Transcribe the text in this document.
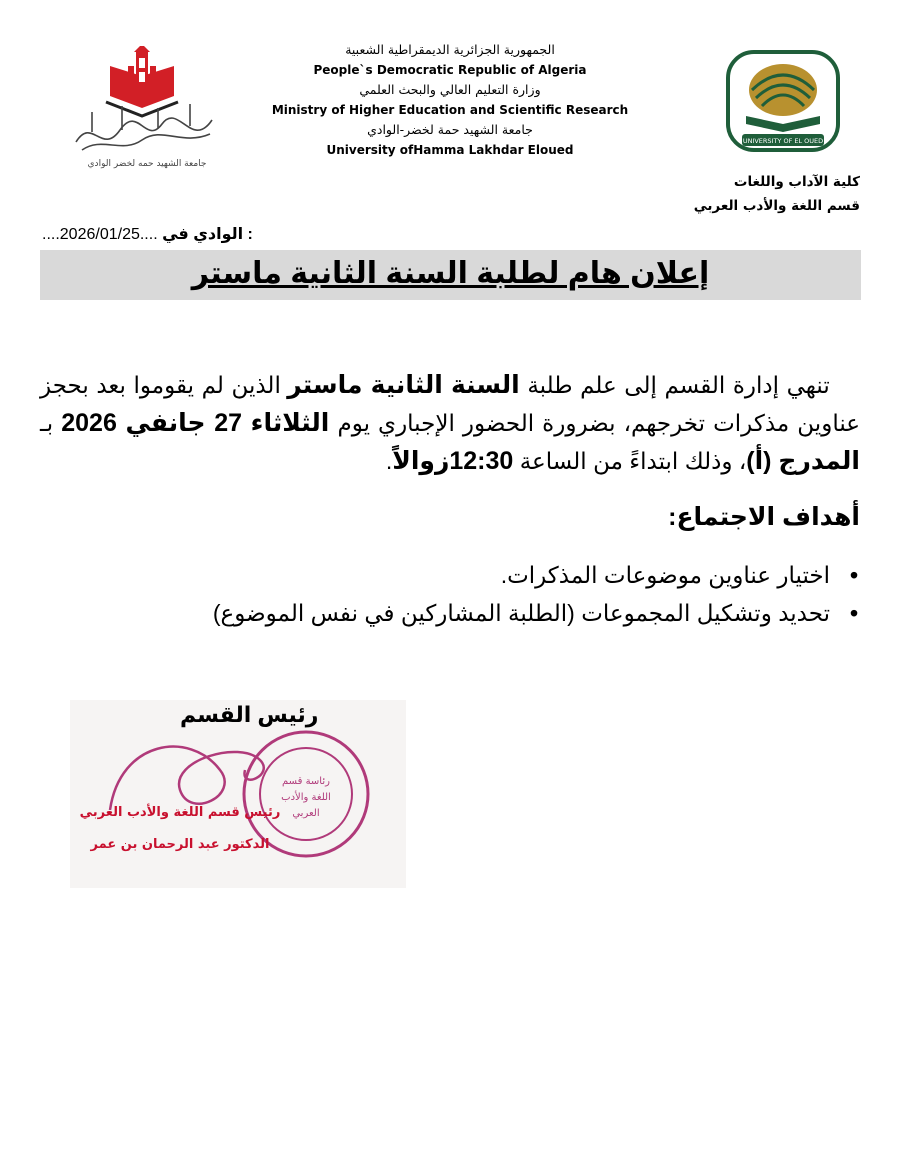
جامعة الشهيد حمه لخضر الوادي
الجمهورية الجزائرية الديمقراطية الشعبية
People`s Democratic Republic of Algeria
وزارة التعليم العالي والبحث العلمي
Ministry of Higher Education and Scientific Research
جامعة الشهيد حمة لخضر-الوادي
University ofHamma Lakhdar Eloued
UNIVERSITY OF EL OUED
كلية الآداب واللغات
قسم اللغة والأدب العربي
....2026/01/25.... الوادي في :
إعلان هام لطلبة السنة الثانية ماستر
تنهي إدارة القسم إلى علم طلبة السنة الثانية ماستر الذين لم يقوموا بعد بحجز عناوين مذكرات تخرجهم، بضرورة الحضور الإجباري يوم الثلاثاء 27 جانفي 2026 بـ المدرج (أ)، وذلك ابتداءً من الساعة 12:30زوالاً.
أهداف الاجتماع:
•اختيار عناوين موضوعات المذكرات.
•تحديد وتشكيل المجموعات (الطلبة المشاركين في نفس الموضوع)
رئاسة قسم
اللغة والأدب
العربي
رئيس قسم اللغة والأدب العربي
الدكتور عبد الرحمان بن عمر
رئيس القسم
